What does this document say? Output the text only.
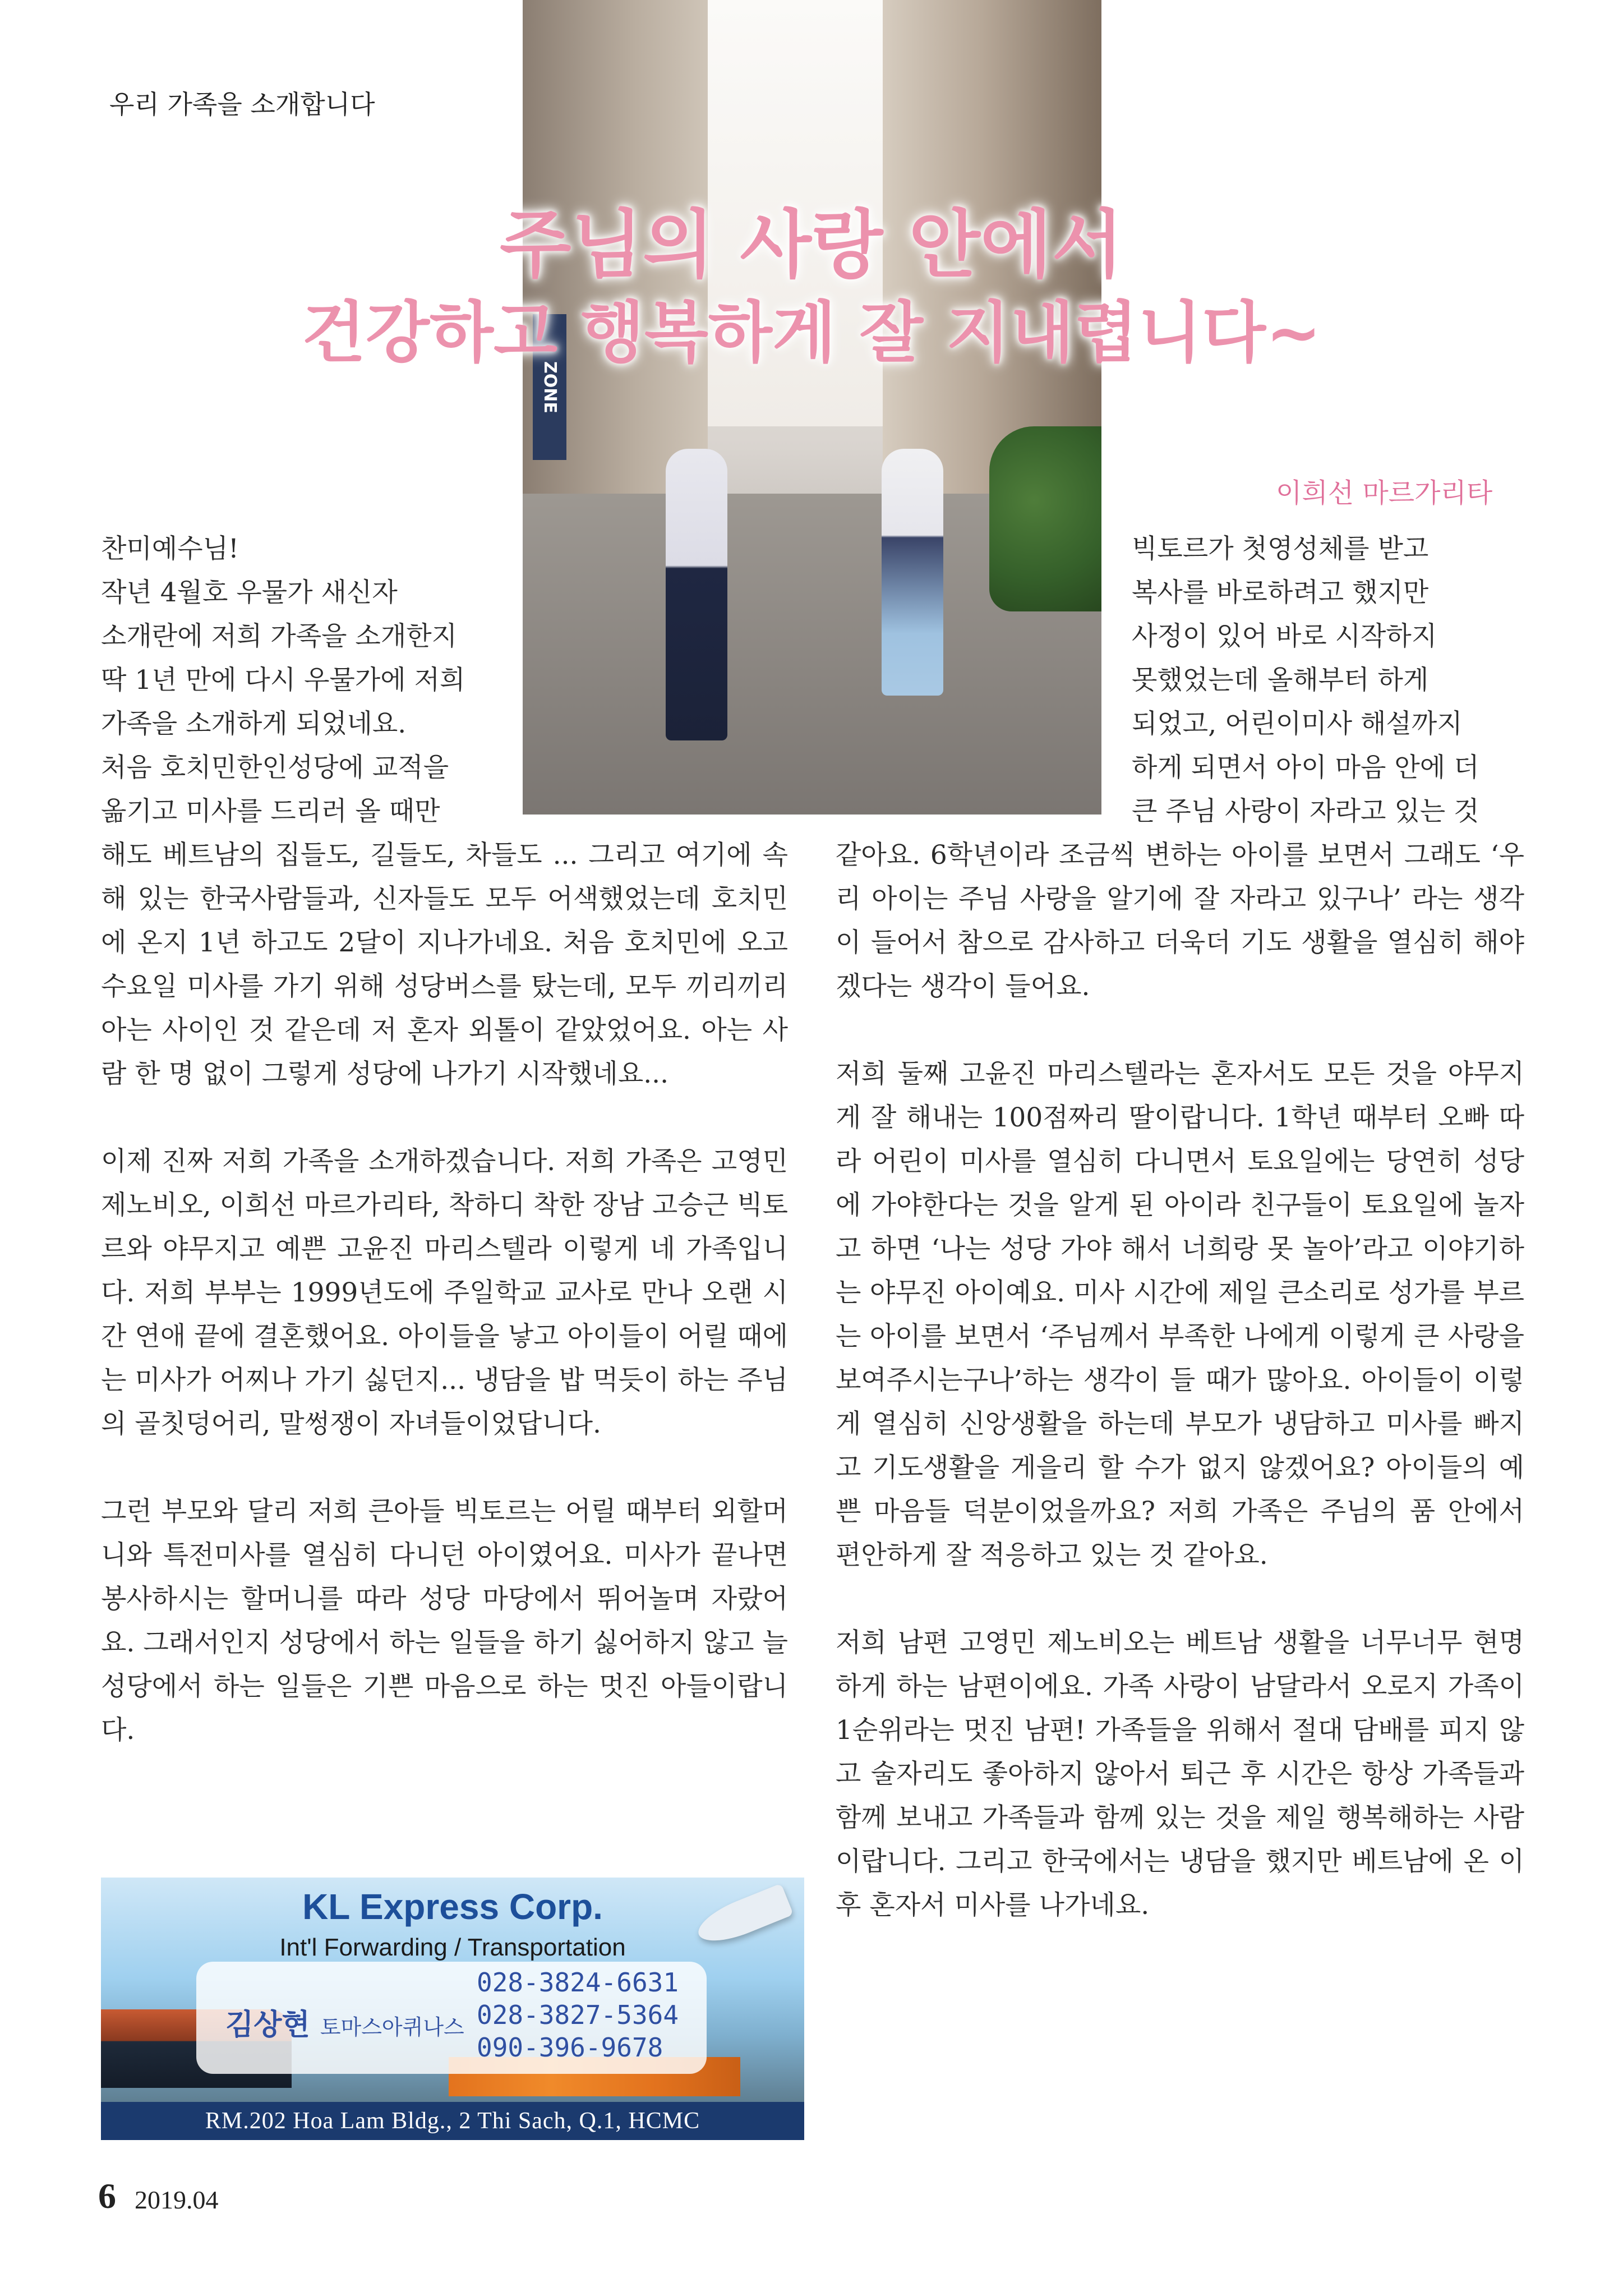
우리 가족을 소개합니다
ZONE
주님의 사랑 안에서
건강하고 행복하게 잘 지내렵니다~
이희선 마르가리타

찬미예수님!

작년 4월호 우물가 새신자

소개란에 저희 가족을 소개한지

딱 1년 만에 다시 우물가에 저희

가족을 소개하게 되었네요.

처음 호치민한인성당에 교적을

옮기고 미사를 드리러 올 때만

해도 베트남의 집들도, 길들도, 차들도 ... 그리고 여기에 속해 있는 한국사람들과, 신자들도 모두 어색했었는데 호치민에 온지 1년 하고도 2달이 지나가네요. 처음 호치민에 오고 수요일 미사를 가기 위해 성당버스를 탔는데, 모두 끼리끼리 아는 사이인 것 같은데 저 혼자 외톨이 같았었어요. 아는 사람 한 명 없이 그렇게 성당에 나가기 시작했네요...

이제 진짜 저희 가족을 소개하겠습니다. 저희 가족은 고영민 제노비오, 이희선 마르가리타, 착하디 착한 장남 고승근 빅토르와 야무지고 예쁜 고윤진 마리스텔라 이렇게 네 가족입니다. 저희 부부는 1999년도에 주일학교 교사로 만나 오랜 시간 연애 끝에 결혼했어요. 아이들을 낳고 아이들이 어릴 때에는 미사가 어찌나 가기 싫던지... 냉담을 밥 먹듯이 하는 주님의 골칫덩어리, 말썽쟁이 자녀들이었답니다.

그런 부모와 달리 저희 큰아들 빅토르는 어릴 때부터 외할머니와 특전미사를 열심히 다니던 아이였어요. 미사가 끝나면 봉사하시는 할머니를 따라 성당 마당에서 뛰어놀며 자랐어요. 그래서인지 성당에서 하는 일들을 하기 싫어하지 않고 늘 성당에서 하는 일들은 기쁜 마음으로 하는 멋진 아들이랍니다.

빅토르가 첫영성체를 받고

복사를 바로하려고 했지만

사정이 있어 바로 시작하지

못했었는데 올해부터 하게

되었고, 어린이미사 해설까지

하게 되면서 아이 마음 안에 더

큰 주님 사랑이 자라고 있는 것

같아요. 6학년이라 조금씩 변하는 아이를 보면서 그래도 ‘우리 아이는 주님 사랑을 알기에 잘 자라고 있구나’ 라는 생각이 들어서 참으로 감사하고 더욱더 기도 생활을 열심히 해야겠다는 생각이 들어요.

저희 둘째 고윤진 마리스텔라는 혼자서도 모든 것을 야무지게 잘 해내는 100점짜리 딸이랍니다. 1학년 때부터 오빠 따라 어린이 미사를 열심히 다니면서 토요일에는 당연히 성당에 가야한다는 것을 알게 된 아이라 친구들이 토요일에 놀자고 하면 ‘나는 성당 가야 해서 너희랑 못 놀아’라고 이야기하는 야무진 아이예요. 미사 시간에 제일 큰소리로 성가를 부르는 아이를 보면서 ‘주님께서 부족한 나에게 이렇게 큰 사랑을 보여주시는구나’하는 생각이 들 때가 많아요. 아이들이 이렇게 열심히 신앙생활을 하는데 부모가 냉담하고 미사를 빠지고 기도생활을 게을리 할 수가 없지 않겠어요? 아이들의 예쁜 마음들 덕분이었을까요? 저희 가족은 주님의 품 안에서 편안하게 잘 적응하고 있는 것 같아요.

저희 남편 고영민 제노비오는 베트남 생활을 너무너무 현명하게 하는 남편이에요. 가족 사랑이 남달라서 오로지 가족이 1순위라는 멋진 남편! 가족들을 위해서 절대 담배를 피지 않고 술자리도 좋아하지 않아서 퇴근 후 시간은 항상 가족들과 함께 보내고 가족들과 함께 있는 것을 제일 행복해하는 사람이랍니다. 그리고 한국에서는 냉담을 했지만 베트남에 온 이후 혼자서 미사를 나가네요.

KL Express Corp.
Int'l Forwarding / Transportation
김상현 토마스아퀴나스
028-3824-6631
028-3827-5364
090-396-9678
RM.202 Hoa Lam Bldg., 2 Thi Sach, Q.1, HCMC
6 2019.04
